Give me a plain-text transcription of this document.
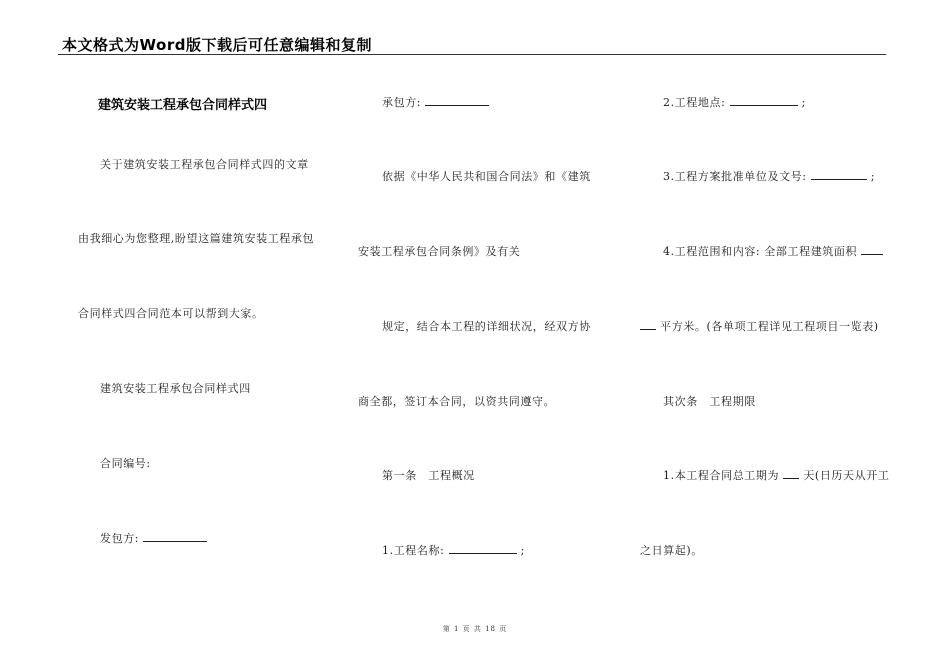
本文格式为Word版下载后可任意编辑和复制
建筑安装工程承包合同样式四
关于建筑安装工程承包合同样式四的文章
由我细心为您整理,盼望这篇建筑安装工程承包
合同样式四合同范本可以帮到大家。
建筑安装工程承包合同样式四
合同编号:
发包方:
承包方:
依据《中华人民共和国合同法》和《建筑
安装工程承包合同条例》及有关
规定，结合本工程的详细状况，经双方协
商全都，签订本合同，以资共同遵守。
第一条　工程概况
1.工程名称:	;
2.工程地点:	;
3.工程方案批准单位及文号:	;
4.工程范围和内容: 全部工程建筑面积
平方米。(各单项工程详见工程项目一览表)
其次条　工程期限
1.本工程合同总工期为 天(日历天从开工
之日算起)。
第 1 页 共 18 页
